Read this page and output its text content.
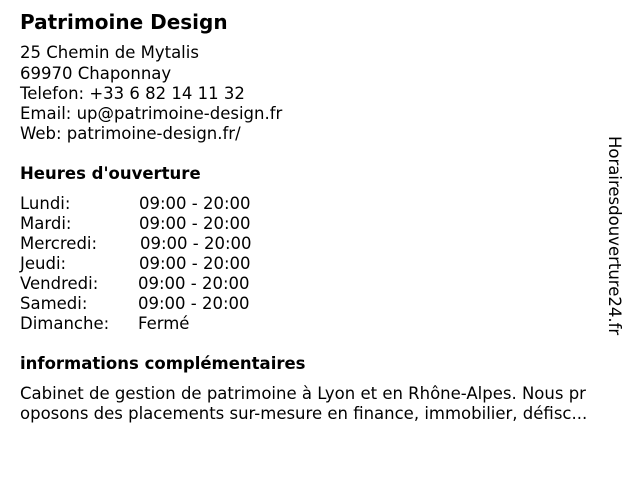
Patrimoine Design
25 Chemin de Mytalis
69970 Chaponnay
Telefon: +33 6 82 14 11 32
Email: up@patrimoine-design.fr
Web: patrimoine-design.fr/
Heures d'ouverture
Lundi:	09:00 - 20:00
Mardi:	09:00 - 20:00
Mercredi:	09:00 - 20:00
Jeudi:	09:00 - 20:00
Vendredi: 09:00 - 20:00
Samedi:	09:00 - 20:00
Dimanche: Fermé
informations complémentaires
Cabinet de gestion de patrimoine à Lyon et en Rhône-Alpes. Nous pr
oposons des placements sur-mesure en finance, immobilier, défisc...
Horairesdouverture24.fr
